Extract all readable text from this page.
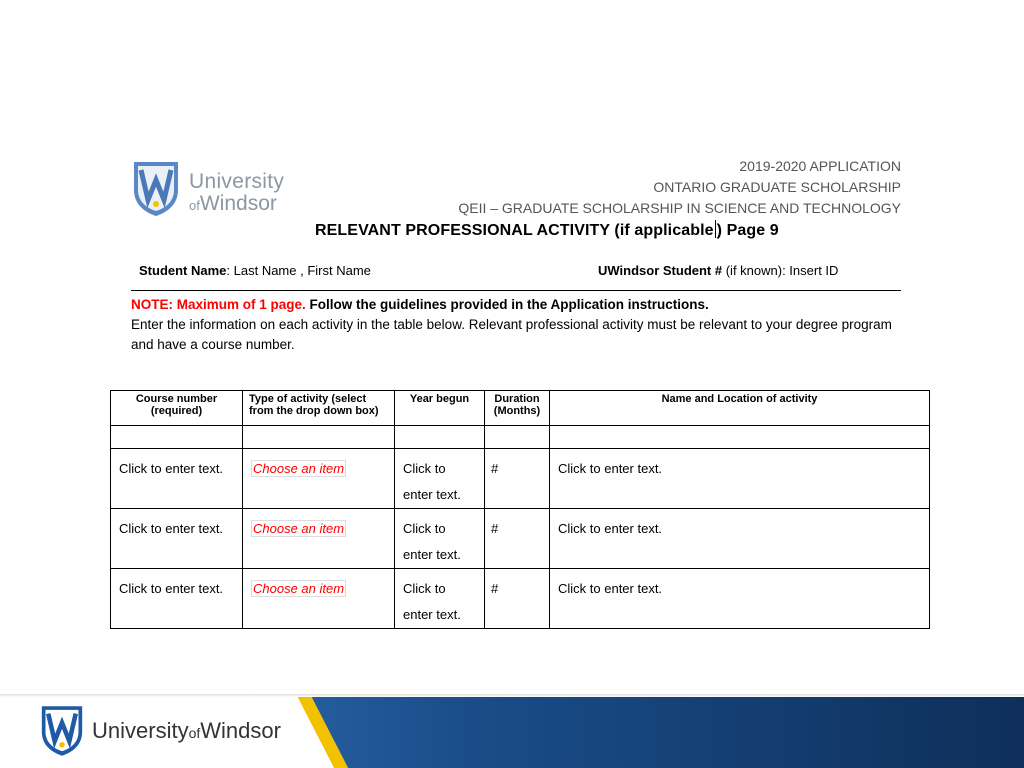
University
ofWindsor
2019-2020 APPLICATION
ONTARIO GRADUATE SCHOLARSHIP
QEII – GRADUATE SCHOLARSHIP IN SCIENCE AND TECHNOLOGY
RELEVANT PROFESSIONAL ACTIVITY (if applicable ) Page 9
Student Name: Last Name , First Name	UWindsor Student # (if known): Insert ID
NOTE: Maximum of 1 page. Follow the guidelines provided in the Application instructions.
Enter the information on each activity in the table below. Relevant professional activity must be relevant to your degree program and have a course number.
Course number (required)	Type of activity (select from the drop down box)	Year begun	Duration (Months)	Name and Location of activity

Click to enter text.	Choose an item	Click to enter text.	#	Click to enter text.
Click to enter text.	Choose an item	Click to enter text.	#	Click to enter text.
Click to enter text.	Choose an item	Click to enter text.	#	Click to enter text.
UniversityofWindsor
